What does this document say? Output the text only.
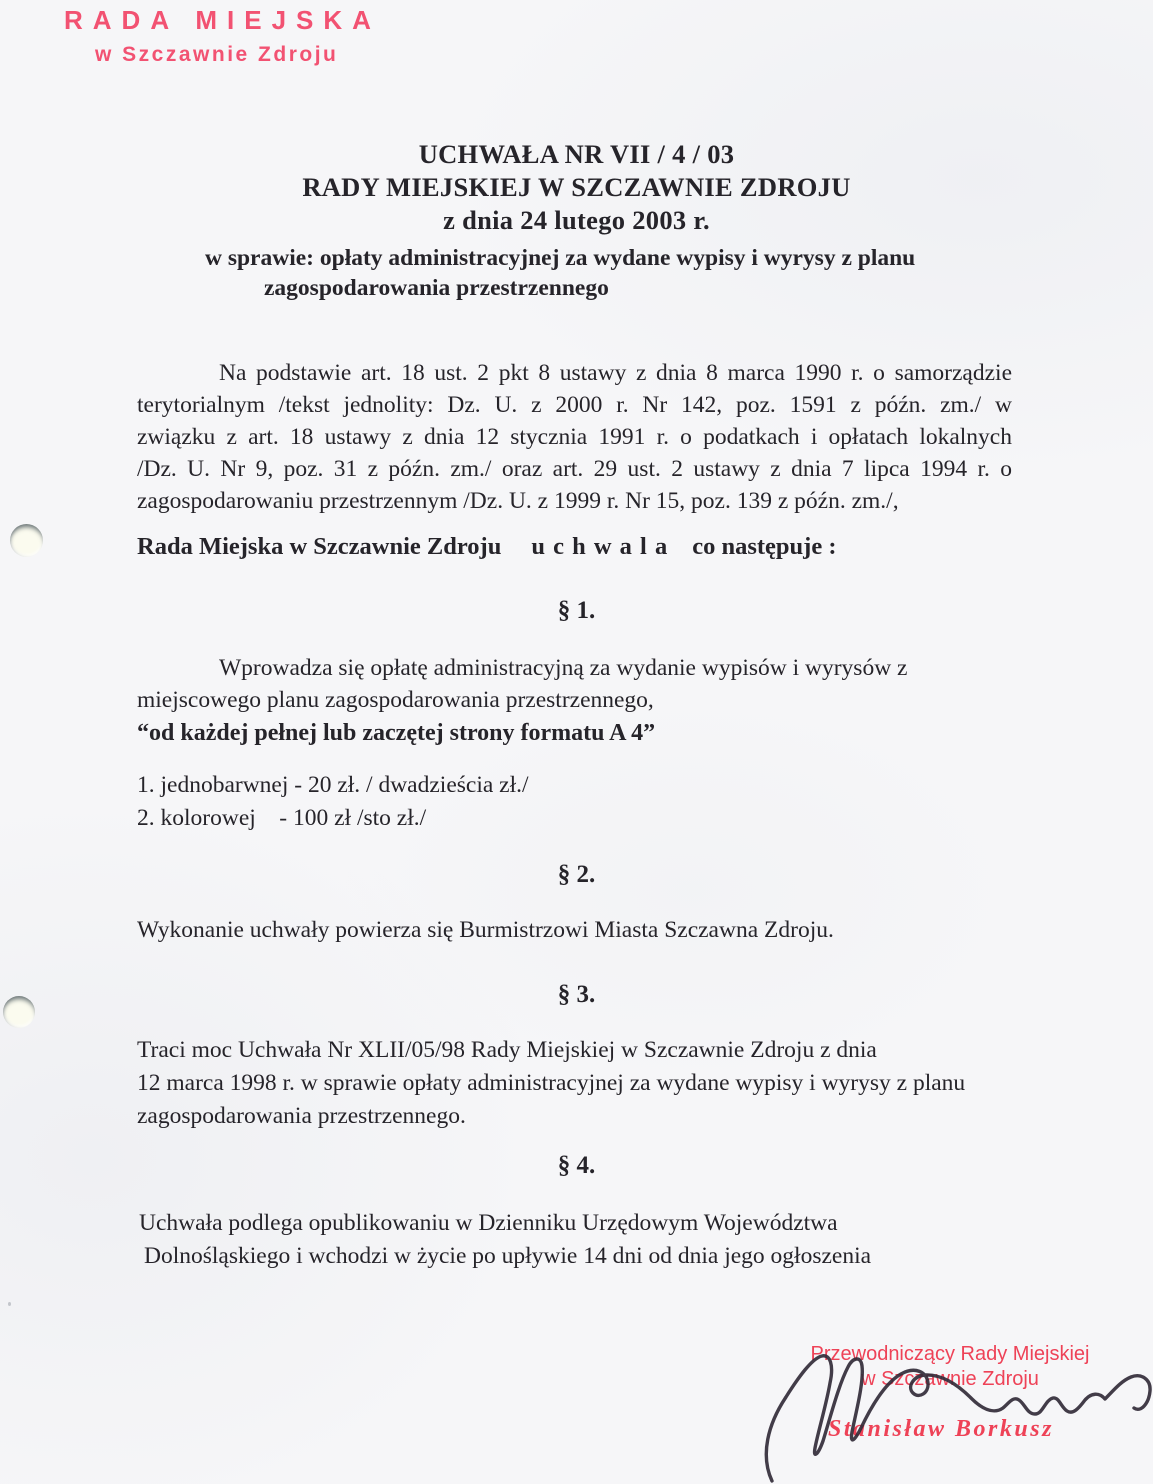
RADA MIEJSKA
w Szczawnie Zdroju
UCHWAŁA NR VII / 4 / 03
RADY MIEJSKIEJ W SZCZAWNIE ZDROJU
z dnia 24 lutego 2003 r.
w sprawie: opłaty administracyjnej za wydane wypisy i wyrysy z planu
zagospodarowania przestrzennego
Na podstawie art. 18 ust. 2 pkt 8 ustawy z dnia 8 marca 1990 r. o samorządzie
terytorialnym /tekst jednolity: Dz. U. z 2000 r. Nr 142, poz. 1591 z późn. zm./ w
związku z art. 18 ustawy z dnia 12 stycznia 1991 r. o podatkach i opłatach lokalnych
/Dz. U. Nr 9, poz. 31 z późn. zm./ oraz art. 29 ust. 2 ustawy z dnia 7 lipca 1994 r. o
zagospodarowaniu przestrzennym /Dz. U. z 1999 r. Nr 15, poz. 139 z późn. zm./,
Rada Miejska w Szczawnie Zdroju u c h w a l a co następuje :
§ 1.
Wprowadza się opłatę administracyjną za wydanie wypisów i wyrysów z
miejscowego planu zagospodarowania przestrzennego,
“od każdej pełnej lub zaczętej strony formatu A 4”
1. jednobarwnej - 20 zł. / dwadzieścia zł./
2. kolorowej    - 100 zł /sto zł./
§ 2.
Wykonanie uchwały powierza się Burmistrzowi Miasta Szczawna Zdroju.
§ 3.
Traci moc Uchwała Nr XLII/05/98 Rady Miejskiej w Szczawnie Zdroju z dnia
12 marca 1998 r. w sprawie opłaty administracyjnej za wydane wypisy i wyrysy z planu
zagospodarowania przestrzennego.
§ 4.
Uchwała podlega opublikowaniu w Dzienniku Urzędowym Województwa
Dolnośląskiego i wchodzi w życie po upływie 14 dni od dnia jego ogłoszenia
Przewodniczący Rady Miejskiej
w Szczawnie Zdroju
Stanisław Borkusz
